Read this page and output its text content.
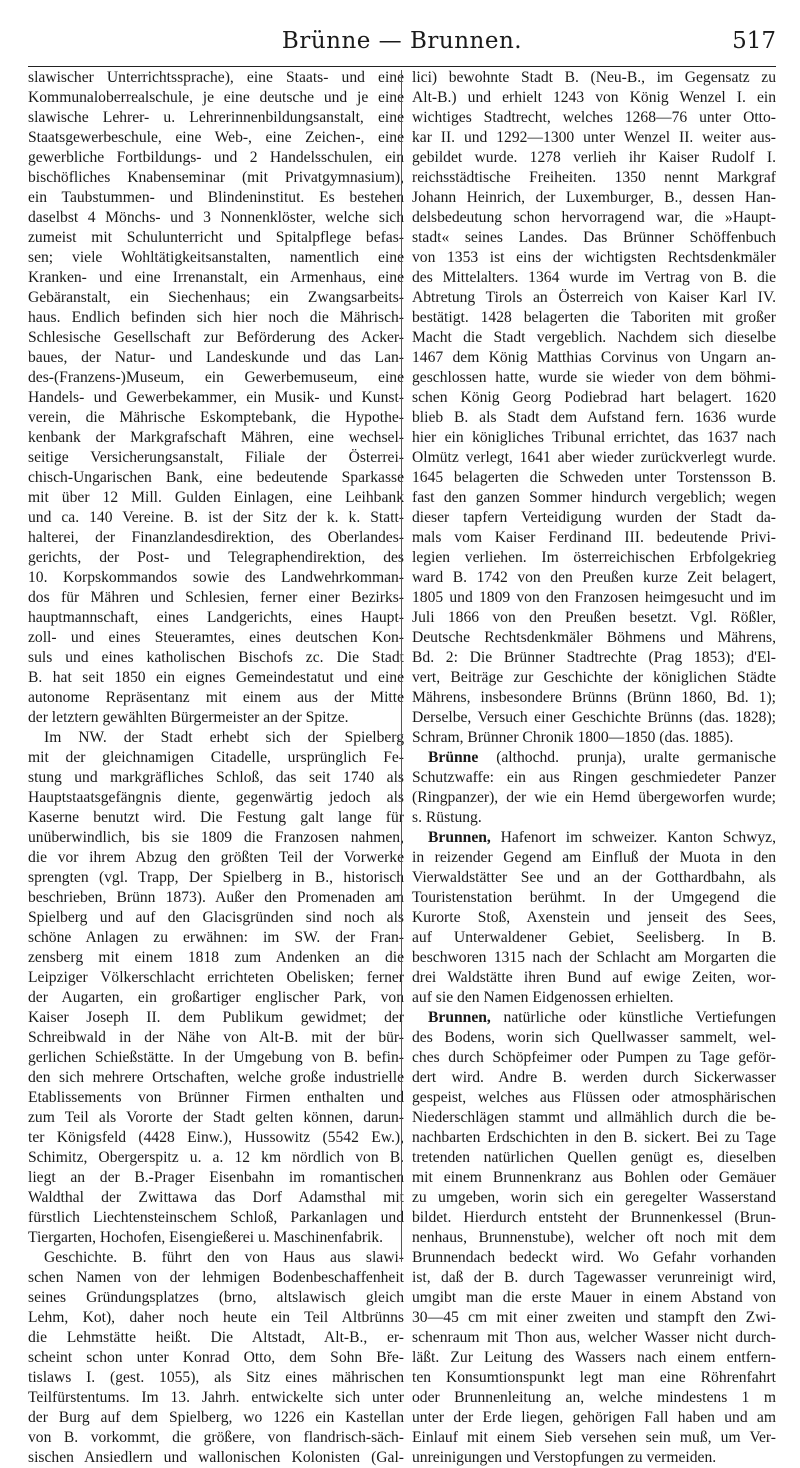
Brünne — Brunnen.	517
slawischer Unterrichtssprache), eine Staats- und eine
Kommunaloberrealschule, je eine deutsche und je eine
slawische Lehrer- u. Lehrerinnenbildungsanstalt, eine
Staatsgewerbeschule, eine Web-, eine Zeichen-, eine
gewerbliche Fortbildungs- und 2 Handelsschulen, ein
bischöfliches Knabenseminar (mit Privatgymnasium),
ein Taubstummen- und Blindeninstitut. Es bestehen
daselbst 4 Mönchs- und 3 Nonnenklöster, welche sich
zumeist mit Schulunterricht und Spitalpflege befas-
sen; viele Wohltätigkeitsanstalten, namentlich eine
Kranken- und eine Irrenanstalt, ein Armenhaus, eine
Gebäranstalt, ein Siechenhaus; ein Zwangsarbeits-
haus. Endlich befinden sich hier noch die Mährisch-
Schlesische Gesellschaft zur Beförderung des Acker-
baues, der Natur- und Landeskunde und das Lan-
des-(Franzens-)Museum, ein Gewerbemuseum, eine
Handels- und Gewerbekammer, ein Musik- und Kunst-
verein, die Mährische Eskomptebank, die Hypothe-
kenbank der Markgrafschaft Mähren, eine wechsel-
seitige Versicherungsanstalt, Filiale der Österrei-
chisch-Ungarischen Bank, eine bedeutende Sparkasse
mit über 12 Mill. Gulden Einlagen, eine Leihbank
und ca. 140 Vereine. B. ist der Sitz der k. k. Statt-
halterei, der Finanzlandesdirektion, des Oberlandes-
gerichts, der Post- und Telegraphendirektion, des
10. Korpskommandos sowie des Landwehrkomman-
dos für Mähren und Schlesien, ferner einer Bezirks-
hauptmannschaft, eines Landgerichts, eines Haupt-
zoll- und eines Steueramtes, eines deutschen Kon-
suls und eines katholischen Bischofs zc. Die Stadt
B. hat seit 1850 ein eignes Gemeindestatut und eine
autonome Repräsentanz mit einem aus der Mitte
der letztern gewählten Bürgermeister an der Spitze.
Im NW. der Stadt erhebt sich der Spielberg
mit der gleichnamigen Citadelle, ursprünglich Fe-
stung und markgräfliches Schloß, das seit 1740 als
Hauptstaatsgefängnis diente, gegenwärtig jedoch als
Kaserne benutzt wird. Die Festung galt lange für
unüberwindlich, bis sie 1809 die Franzosen nahmen,
die vor ihrem Abzug den größten Teil der Vorwerke
sprengten (vgl. Trapp, Der Spielberg in B., historisch
beschrieben, Brünn 1873). Außer den Promenaden am
Spielberg und auf den Glacisgründen sind noch als
schöne Anlagen zu erwähnen: im SW. der Fran-
zensberg mit einem 1818 zum Andenken an die
Leipziger Völkerschlacht errichteten Obelisken; ferner
der Augarten, ein großartiger englischer Park, von
Kaiser Joseph II. dem Publikum gewidmet; der
Schreibwald in der Nähe von Alt-B. mit der bür-
gerlichen Schießstätte. In der Umgebung von B. befin-
den sich mehrere Ortschaften, welche große industrielle
Etablissements von Brünner Firmen enthalten und
zum Teil als Vororte der Stadt gelten können, darun-
ter Königsfeld (4428 Einw.), Hussowitz (5542 Ew.),
Schimitz, Obergerspitz u. a. 12 km nördlich von B.
liegt an der B.-Prager Eisenbahn im romantischen
Waldthal der Zwittawa das Dorf Adamsthal mit
fürstlich Liechtensteinschem Schloß, Parkanlagen und
Tiergarten, Hochofen, Eisengießerei u. Maschinenfabrik.
Geschichte. B. führt den von Haus aus slawi-
schen Namen von der lehmigen Bodenbeschaffenheit
seines Gründungsplatzes (brno, altslawisch gleich
Lehm, Kot), daher noch heute ein Teil Altbrünns
die Lehmstätte heißt. Die Altstadt, Alt-B., er-
scheint schon unter Konrad Otto, dem Sohn Bře-
tislaws I. (gest. 1055), als Sitz eines mährischen
Teilfürstentums. Im 13. Jahrh. entwickelte sich unter
der Burg auf dem Spielberg, wo 1226 ein Kastellan
von B. vorkommt, die größere, von flandrisch-säch-
sischen Ansiedlern und wallonischen Kolonisten (Gal-
lici) bewohnte Stadt B. (Neu-B., im Gegensatz zu
Alt-B.) und erhielt 1243 von König Wenzel I. ein
wichtiges Stadtrecht, welches 1268—76 unter Otto-
kar II. und 1292—1300 unter Wenzel II. weiter aus-
gebildet wurde. 1278 verlieh ihr Kaiser Rudolf I.
reichsstädtische Freiheiten. 1350 nennt Markgraf
Johann Heinrich, der Luxemburger, B., dessen Han-
delsbedeutung schon hervorragend war, die »Haupt-
stadt« seines Landes. Das Brünner Schöffenbuch
von 1353 ist eins der wichtigsten Rechtsdenkmäler
des Mittelalters. 1364 wurde im Vertrag von B. die
Abtretung Tirols an Österreich von Kaiser Karl IV.
bestätigt. 1428 belagerten die Taboriten mit großer
Macht die Stadt vergeblich. Nachdem sich dieselbe
1467 dem König Matthias Corvinus von Ungarn an-
geschlossen hatte, wurde sie wieder von dem böhmi-
schen König Georg Podiebrad hart belagert. 1620
blieb B. als Stadt dem Aufstand fern. 1636 wurde
hier ein königliches Tribunal errichtet, das 1637 nach
Olmütz verlegt, 1641 aber wieder zurückverlegt wurde.
1645 belagerten die Schweden unter Torstensson B.
fast den ganzen Sommer hindurch vergeblich; wegen
dieser tapfern Verteidigung wurden der Stadt da-
mals vom Kaiser Ferdinand III. bedeutende Privi-
legien verliehen. Im österreichischen Erbfolgekrieg
ward B. 1742 von den Preußen kurze Zeit belagert,
1805 und 1809 von den Franzosen heimgesucht und im
Juli 1866 von den Preußen besetzt. Vgl. Rößler,
Deutsche Rechtsdenkmäler Böhmens und Mährens,
Bd. 2: Die Brünner Stadtrechte (Prag 1853); d'El-
vert, Beiträge zur Geschichte der königlichen Städte
Mährens, insbesondere Brünns (Brünn 1860, Bd. 1);
Derselbe, Versuch einer Geschichte Brünns (das. 1828);
Schram, Brünner Chronik 1800—1850 (das. 1885).
Brünne (althochd. prunja), uralte germanische
Schutzwaffe: ein aus Ringen geschmiedeter Panzer
(Ringpanzer), der wie ein Hemd übergeworfen wurde;
s. Rüstung.
Brunnen, Hafenort im schweizer. Kanton Schwyz,
in reizender Gegend am Einfluß der Muota in den
Vierwaldstätter See und an der Gotthardbahn, als
Touristenstation berühmt. In der Umgegend die
Kurorte Stoß, Axenstein und jenseit des Sees,
auf Unterwaldener Gebiet, Seelisberg. In B.
beschworen 1315 nach der Schlacht am Morgarten die
drei Waldstätte ihren Bund auf ewige Zeiten, wor-
auf sie den Namen Eidgenossen erhielten.
Brunnen, natürliche oder künstliche Vertiefungen
des Bodens, worin sich Quellwasser sammelt, wel-
ches durch Schöpfeimer oder Pumpen zu Tage geför-
dert wird. Andre B. werden durch Sickerwasser
gespeist, welches aus Flüssen oder atmosphärischen
Niederschlägen stammt und allmählich durch die be-
nachbarten Erdschichten in den B. sickert. Bei zu Tage
tretenden natürlichen Quellen genügt es, dieselben
mit einem Brunnenkranz aus Bohlen oder Gemäuer
zu umgeben, worin sich ein geregelter Wasserstand
bildet. Hierdurch entsteht der Brunnenkessel (Brun-
nenhaus, Brunnenstube), welcher oft noch mit dem
Brunnendach bedeckt wird. Wo Gefahr vorhanden
ist, daß der B. durch Tagewasser verunreinigt wird,
umgibt man die erste Mauer in einem Abstand von
30—45 cm mit einer zweiten und stampft den Zwi-
schenraum mit Thon aus, welcher Wasser nicht durch-
läßt. Zur Leitung des Wassers nach einem entfern-
ten Konsumtionspunkt legt man eine Röhrenfahrt
oder Brunnenleitung an, welche mindestens 1 m
unter der Erde liegen, gehörigen Fall haben und am
Einlauf mit einem Sieb versehen sein muß, um Ver-
unreinigungen und Verstopfungen zu vermeiden.
